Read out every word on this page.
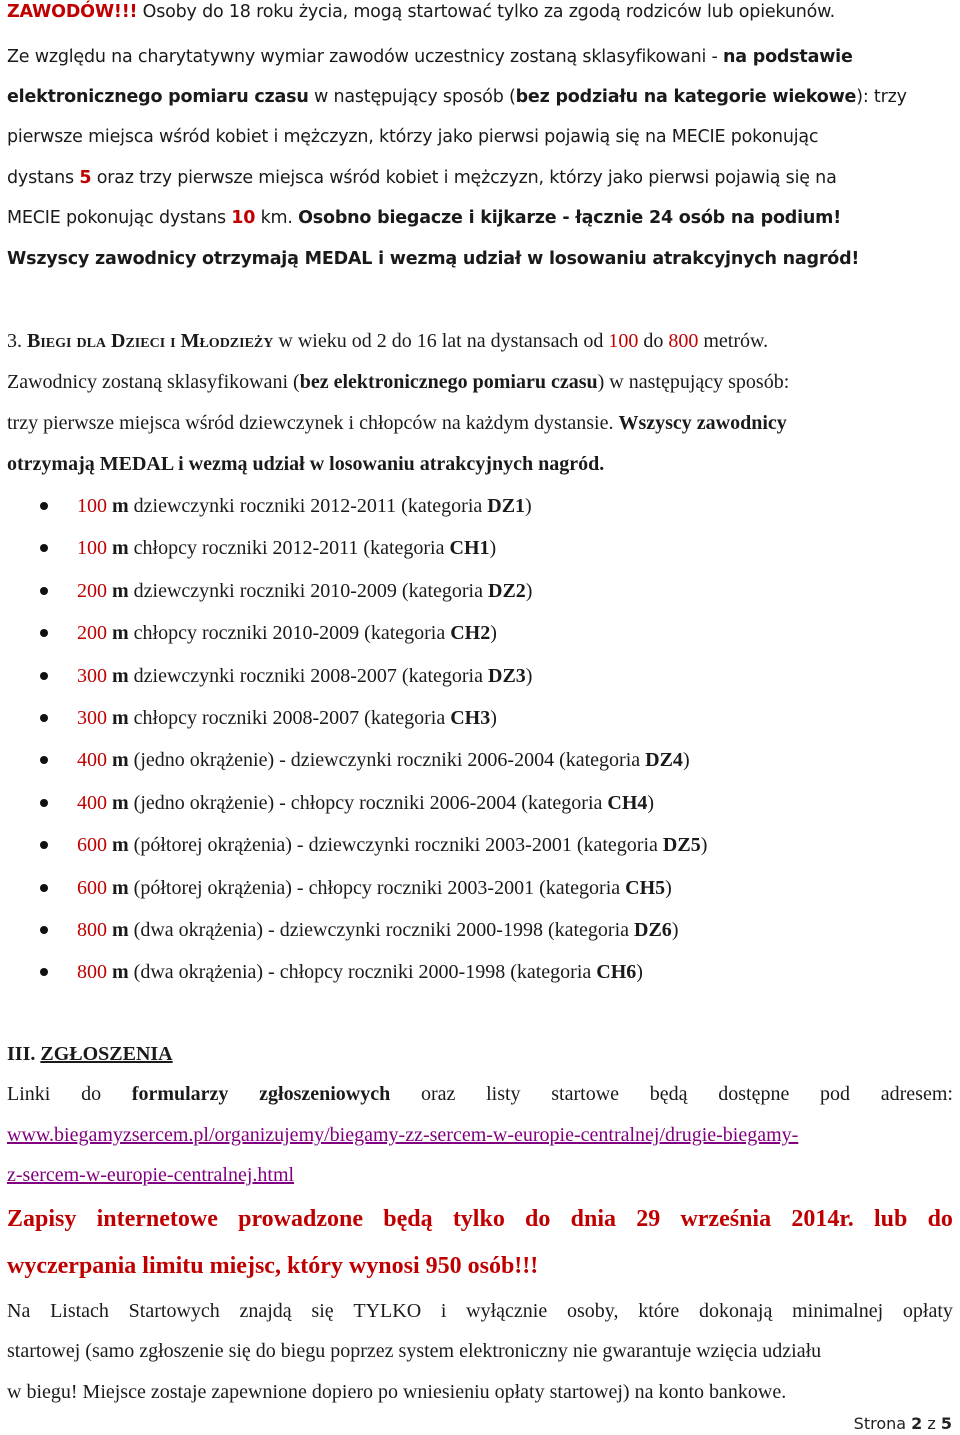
ZAWODÓW!!! Osoby do 18 roku życia, mogą startować tylko za zgodą rodziców lub opiekunów.
Ze względu na charytatywny wymiar zawodów uczestnicy zostaną sklasyfikowani - na podstawie
elektronicznego pomiaru czasu w następujący sposób (bez podziału na kategorie wiekowe): trzy
pierwsze miejsca wśród kobiet i mężczyzn, którzy jako pierwsi pojawią się na MECIE pokonując
dystans 5 oraz trzy pierwsze miejsca wśród kobiet i mężczyzn, którzy jako pierwsi pojawią się na
MECIE pokonując dystans 10 km. Osobno biegacze i kijkarze - łącznie 24 osób na podium!
Wszyscy zawodnicy otrzymają MEDAL i wezmą udział w losowaniu atrakcyjnych nagród!
3. Biegi dla Dzieci i Młodzieży w wieku od 2 do 16 lat na dystansach od 100 do 800 metrów.
Zawodnicy zostaną sklasyfikowani (bez elektronicznego pomiaru czasu) w następujący sposób:
trzy pierwsze miejsca wśród dziewczynek i chłopców na każdym dystansie. Wszyscy zawodnicy
otrzymają MEDAL i wezmą udział w losowaniu atrakcyjnych nagród.
100 m dziewczynki roczniki 2012-2011 (kategoria DZ1)
100 m chłopcy roczniki 2012-2011 (kategoria CH1)
200 m dziewczynki roczniki 2010-2009 (kategoria DZ2)
200 m chłopcy roczniki 2010-2009 (kategoria CH2)
300 m dziewczynki roczniki 2008-2007 (kategoria DZ3)
300 m chłopcy roczniki 2008-2007 (kategoria CH3)
400 m (jedno okrążenie) - dziewczynki roczniki 2006-2004 (kategoria DZ4)
400 m (jedno okrążenie) - chłopcy roczniki 2006-2004 (kategoria CH4)
600 m (półtorej okrążenia) - dziewczynki roczniki 2003-2001 (kategoria DZ5)
600 m (półtorej okrążenia) - chłopcy roczniki 2003-2001 (kategoria CH5)
800 m (dwa okrążenia) - dziewczynki roczniki 2000-1998 (kategoria DZ6)
800 m (dwa okrążenia) - chłopcy roczniki 2000-1998 (kategoria CH6)
III. ZGŁOSZENIA
Linki do formularzy zgłoszeniowych oraz listy startowe będą dostępne pod adresem:
www.biegamyzsercem.pl/organizujemy/biegamy-zz-sercem-w-europie-centralnej/drugie-biegamy-
z-sercem-w-europie-centralnej.html
Zapisy internetowe prowadzone będą tylko do dnia 29 września 2014r. lub do
wyczerpania limitu miejsc, który wynosi 950 osób!!!
Na Listach Startowych znajdą się TYLKO i wyłącznie osoby, które dokonają minimalnej opłaty
startowej (samo zgłoszenie się do biegu poprzez system elektroniczny nie gwarantuje wzięcia udziału
w biegu! Miejsce zostaje zapewnione dopiero po wniesieniu opłaty startowej) na konto bankowe.
Strona 2 z 5
